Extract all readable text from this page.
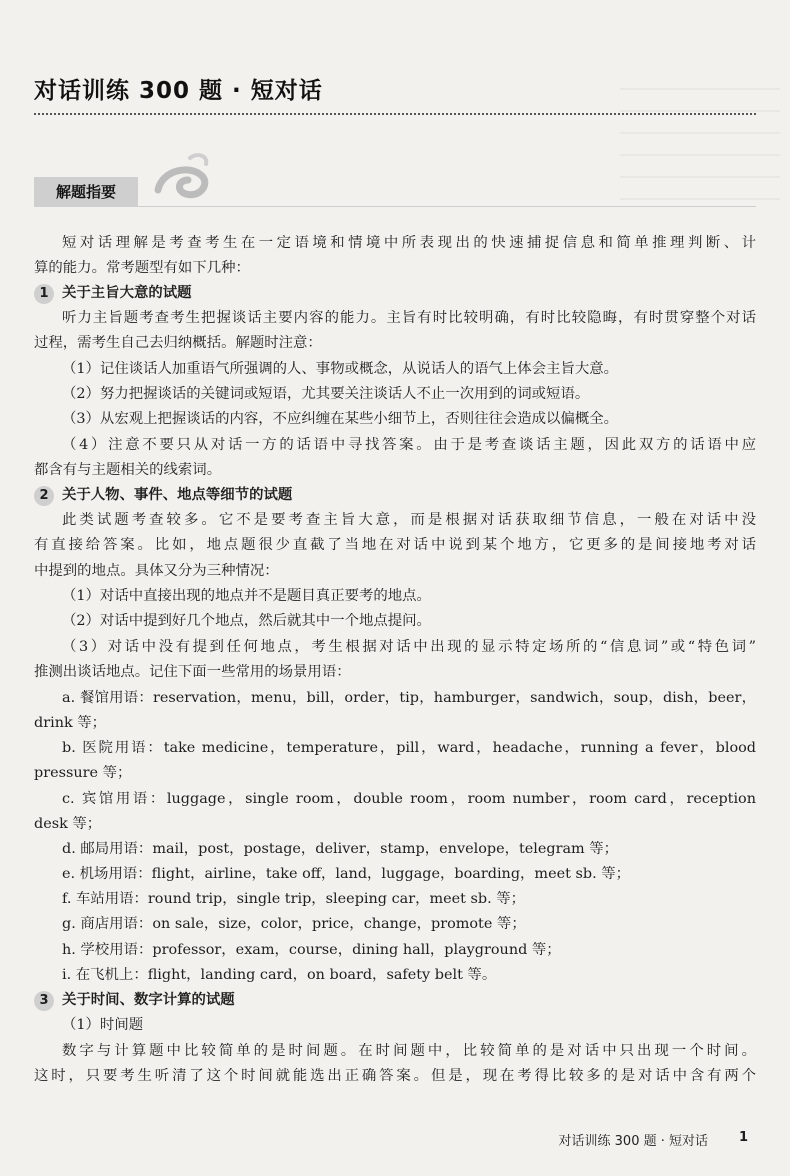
对话训练 300 题 · 短对话
解题指要
短对话理解是考查考生在一定语境和情境中所表现出的快速捕捉信息和简单推理判断、计
算的能力。常考题型有如下几种：
1 关于主旨大意的试题
听力主旨题考查考生把握谈话主要内容的能力。主旨有时比较明确，有时比较隐晦，有时贯穿整个对话
过程，需考生自己去归纳概括。解题时注意：
（1）记住谈话人加重语气所强调的人、事物或概念，从说话人的语气上体会主旨大意。
（2）努力把握谈话的关键词或短语，尤其要关注谈话人不止一次用到的词或短语。
（3）从宏观上把握谈话的内容，不应纠缠在某些小细节上，否则往往会造成以偏概全。
（4）注意不要只从对话一方的话语中寻找答案。由于是考查谈话主题，因此双方的话语中应
都含有与主题相关的线索词。
2 关于人物、事件、地点等细节的试题
此类试题考查较多。它不是要考查主旨大意，而是根据对话获取细节信息，一般在对话中没
有直接给答案。比如，地点题很少直截了当地在对话中说到某个地方，它更多的是间接地考对话
中提到的地点。具体又分为三种情况：
（1）对话中直接出现的地点并不是题目真正要考的地点。
（2）对话中提到好几个地点，然后就其中一个地点提问。
（3）对话中没有提到任何地点，考生根据对话中出现的显示特定场所的“信息词”或“特色词”
推测出谈话地点。记住下面一些常用的场景用语：
a. 餐馆用语：reservation，menu，bill，order，tip，hamburger，sandwich，soup，dish，beer，
drink 等；
b. 医院用语：take medicine，temperature，pill，ward，headache，running a fever，blood
pressure 等；
c. 宾馆用语：luggage，single room，double room，room number，room card，reception
desk 等；
d. 邮局用语：mail，post，postage，deliver，stamp，envelope，telegram 等；
e. 机场用语：flight，airline，take off，land，luggage，boarding，meet sb. 等；
f. 车站用语：round trip，single trip，sleeping car，meet sb. 等；
g. 商店用语：on sale，size，color，price，change，promote 等；
h. 学校用语：professor，exam，course，dining hall，playground 等；
i. 在飞机上：flight，landing card，on board，safety belt 等。
3 关于时间、数字计算的试题
（1）时间题
数字与计算题中比较简单的是时间题。在时间题中，比较简单的是对话中只出现一个时间。
这时，只要考生听清了这个时间就能选出正确答案。但是，现在考得比较多的是对话中含有两个
对话训练 300 题 · 短对话 1
